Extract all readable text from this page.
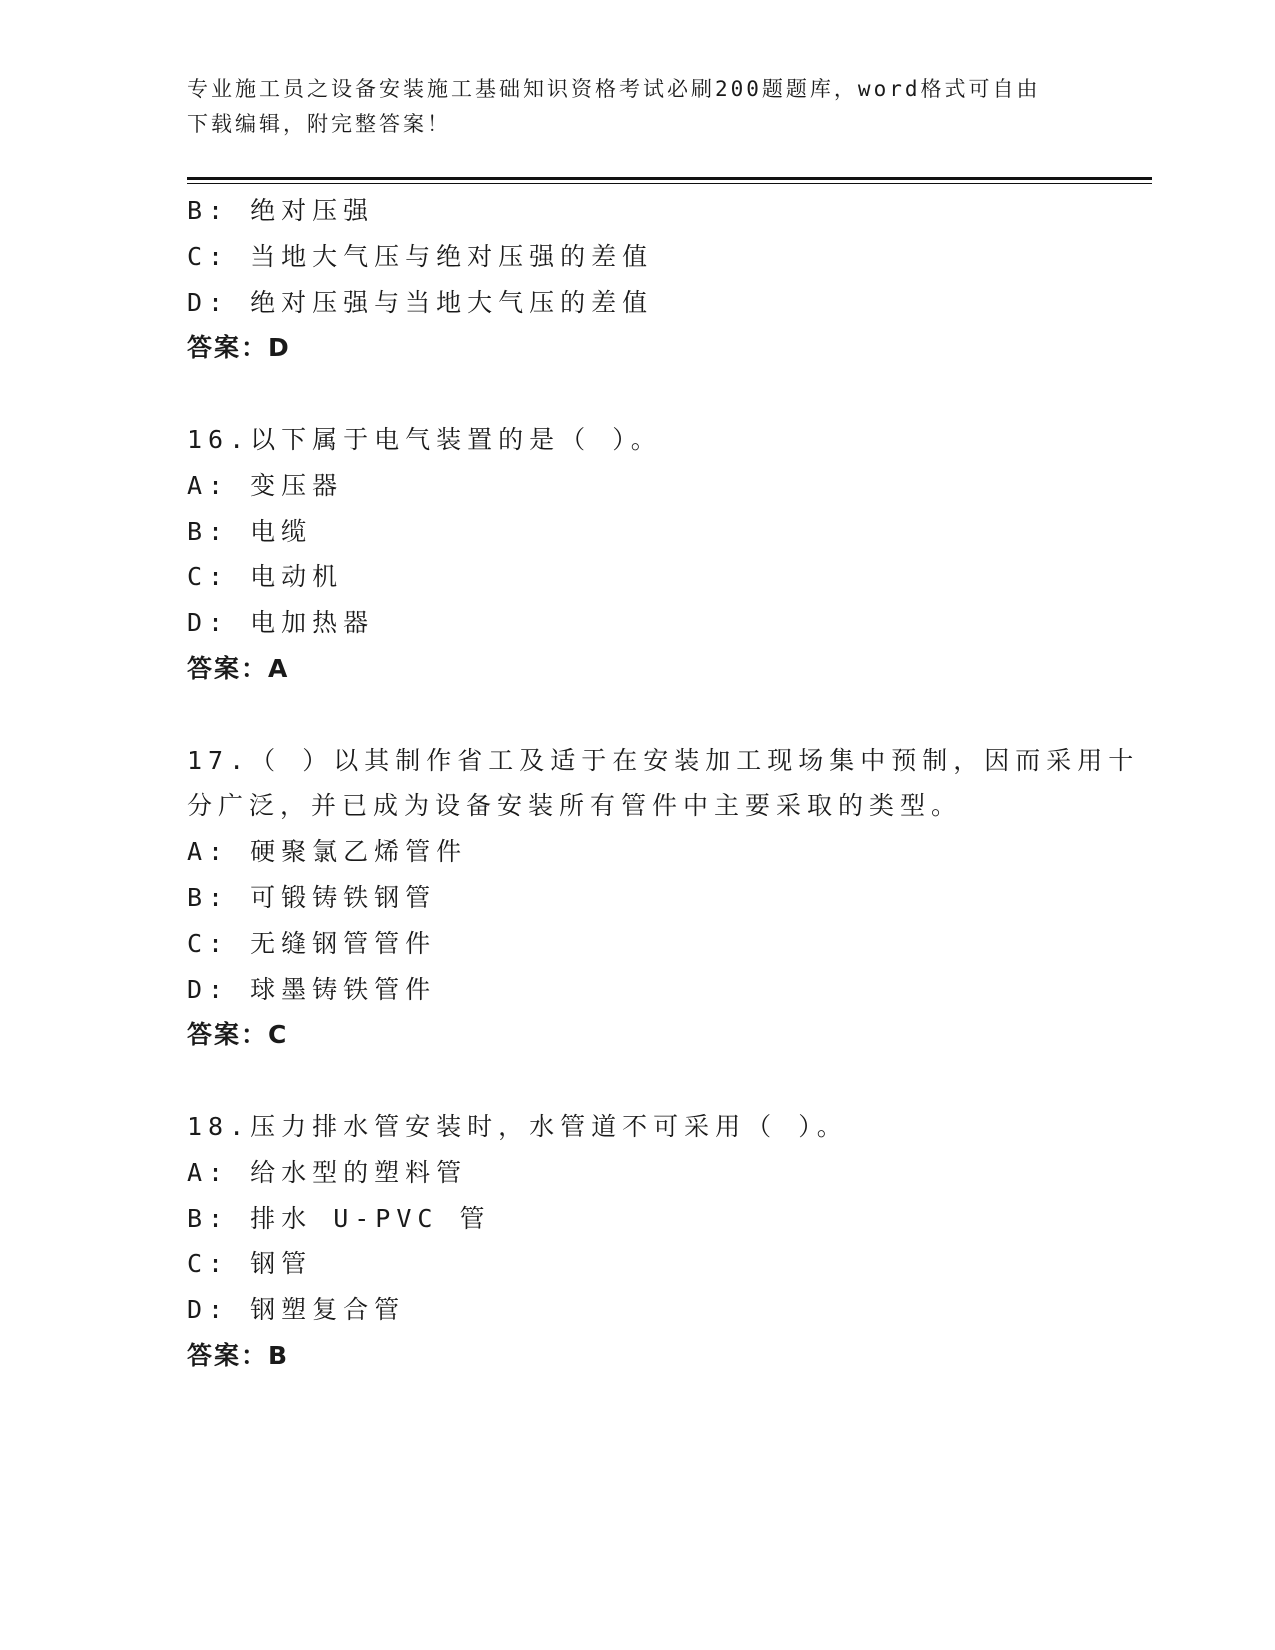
专业施工员之设备安装施工基础知识资格考试必刷200题题库，word格式可自由
下载编辑，附完整答案！
B: 绝对压强
C: 当地大气压与绝对压强的差值
D: 绝对压强与当地大气压的差值
答案：D
16.以下属于电气装置的是（ ）。
A: 变压器
B: 电缆
C: 电动机
D: 电加热器
答案：A
17.（ ）以其制作省工及适于在安装加工现场集中预制，因而采用十
分广泛，并已成为设备安装所有管件中主要采取的类型。
A: 硬聚氯乙烯管件
B: 可锻铸铁钢管
C: 无缝钢管管件
D: 球墨铸铁管件
答案：C
18.压力排水管安装时，水管道不可采用（ ）。
A: 给水型的塑料管
B: 排水 U-PVC 管
C: 钢管
D: 钢塑复合管
答案：B
